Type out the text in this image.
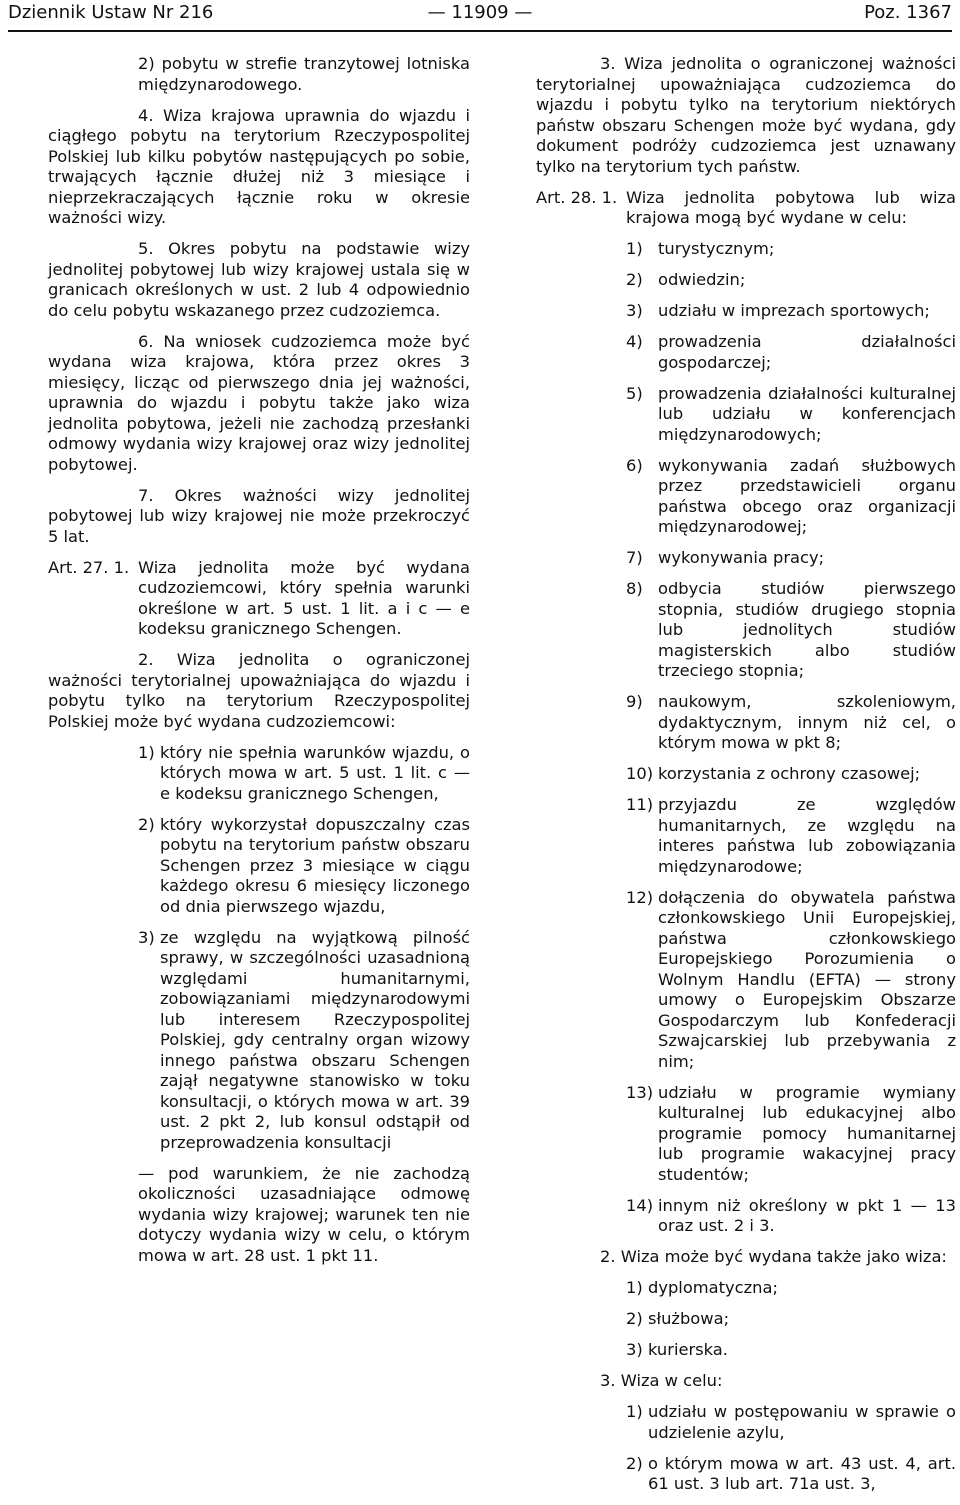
Dziennik Ustaw Nr 216	— 11909 —	Poz. 1367
2) pobytu w strefie tranzytowej lotniska międzynarodowego.

4. Wiza krajowa uprawnia do wjazdu i ciągłego pobytu na terytorium Rzeczypospolitej Polskiej lub kilku pobytów następujących po sobie, trwających łącznie dłużej niż 3 miesiące i nieprzekraczających łącznie roku w okresie ważności wizy.

5. Okres pobytu na podstawie wizy jednolitej pobytowej lub wizy krajowej ustala się w granicach określonych w ust. 2 lub 4 odpowiednio do celu pobytu wskazanego przez cudzoziemca.

6. Na wniosek cudzoziemca może być wydana wiza krajowa, która przez okres 3 miesięcy, licząc od pierwszego dnia jej ważności, uprawnia do wjazdu i pobytu także jako wiza jednolita pobytowa, jeżeli nie zachodzą przesłanki odmowy wydania wizy krajowej oraz wizy jednolitej pobytowej.

7. Okres ważności wizy jednolitej pobytowej lub wizy krajowej nie może przekroczyć 5 lat.

Art. 27. 1. Wiza jednolita może być wydana cudzoziemcowi, który spełnia warunki określone w art. 5 ust. 1 lit. a i c — e kodeksu granicznego Schengen.

2. Wiza jednolita o ograniczonej ważności terytorialnej upoważniająca do wjazdu i pobytu tylko na terytorium Rzeczypospolitej Polskiej może być wydana cudzoziemcowi:

1) który nie spełnia warunków wjazdu, o których mowa w art. 5 ust. 1 lit. c — e kodeksu granicznego Schengen,
2) który wykorzystał dopuszczalny czas pobytu na terytorium państw obszaru Schengen przez 3 miesiące w ciągu każdego okresu 6 miesięcy liczonego od dnia pierwszego wjazdu,
3) ze względu na wyjątkową pilność sprawy, w szczególności uzasadnioną względami humanitarnymi, zobowiązaniami międzynarodowymi lub interesem Rzeczypospolitej Polskiej, gdy centralny organ wizowy innego państwa obszaru Schengen zajął negatywne stanowisko w toku konsultacji, o których mowa w art. 39 ust. 2 pkt 2, lub konsul odstąpił od przeprowadzenia konsultacji

— pod warunkiem, że nie zachodzą okoliczności uzasadniające odmowę wydania wizy krajowej; warunek ten nie dotyczy wydania wizy w celu, o którym mowa w art. 28 ust. 1 pkt 11.

3. Wiza jednolita o ograniczonej ważności terytorialnej upoważniająca cudzoziemca do wjazdu i pobytu tylko na terytorium niektórych państw obszaru Schengen może być wydana, gdy dokument podróży cudzoziemca jest uznawany tylko na terytorium tych państw.

Art. 28. 1. Wiza jednolita pobytowa lub wiza krajowa mogą być wydane w celu:
1) turystycznym;
2) odwiedzin;
3) udziału w imprezach sportowych;
4) prowadzenia działalności gospodarczej;
5) prowadzenia działalności kulturalnej lub udziału w konferencjach międzynarodowych;
6) wykonywania zadań służbowych przez przedstawicieli organu państwa obcego oraz organizacji międzynarodowej;
7) wykonywania pracy;
8) odbycia studiów pierwszego stopnia, studiów drugiego stopnia lub jednolitych studiów magisterskich albo studiów trzeciego stopnia;
9) naukowym, szkoleniowym, dydaktycznym, innym niż cel, o którym mowa w pkt 8;
10) korzystania z ochrony czasowej;
11) przyjazdu ze względów humanitarnych, ze względu na interes państwa lub zobowiązania międzynarodowe;
12) dołączenia do obywatela państwa członkowskiego Unii Europejskiej, państwa członkowskiego Europejskiego Porozumienia o Wolnym Handlu (EFTA) — strony umowy o Europejskim Obszarze Gospodarczym lub Konfederacji Szwajcarskiej lub przebywania z nim;
13) udziału w programie wymiany kulturalnej lub edukacyjnej albo programie pomocy humanitarnej lub programie wakacyjnej pracy studentów;
14) innym niż określony w pkt 1 — 13 oraz ust. 2 i 3.

2. Wiza może być wydana także jako wiza:

1) dyplomatyczna;
2) służbowa;
3) kurierska.

3. Wiza w celu:

1) udziału w postępowaniu w sprawie o udzielenie azylu,
2) o którym mowa w art. 43 ust. 4, art. 61 ust. 3 lub art. 71a ust. 3,
